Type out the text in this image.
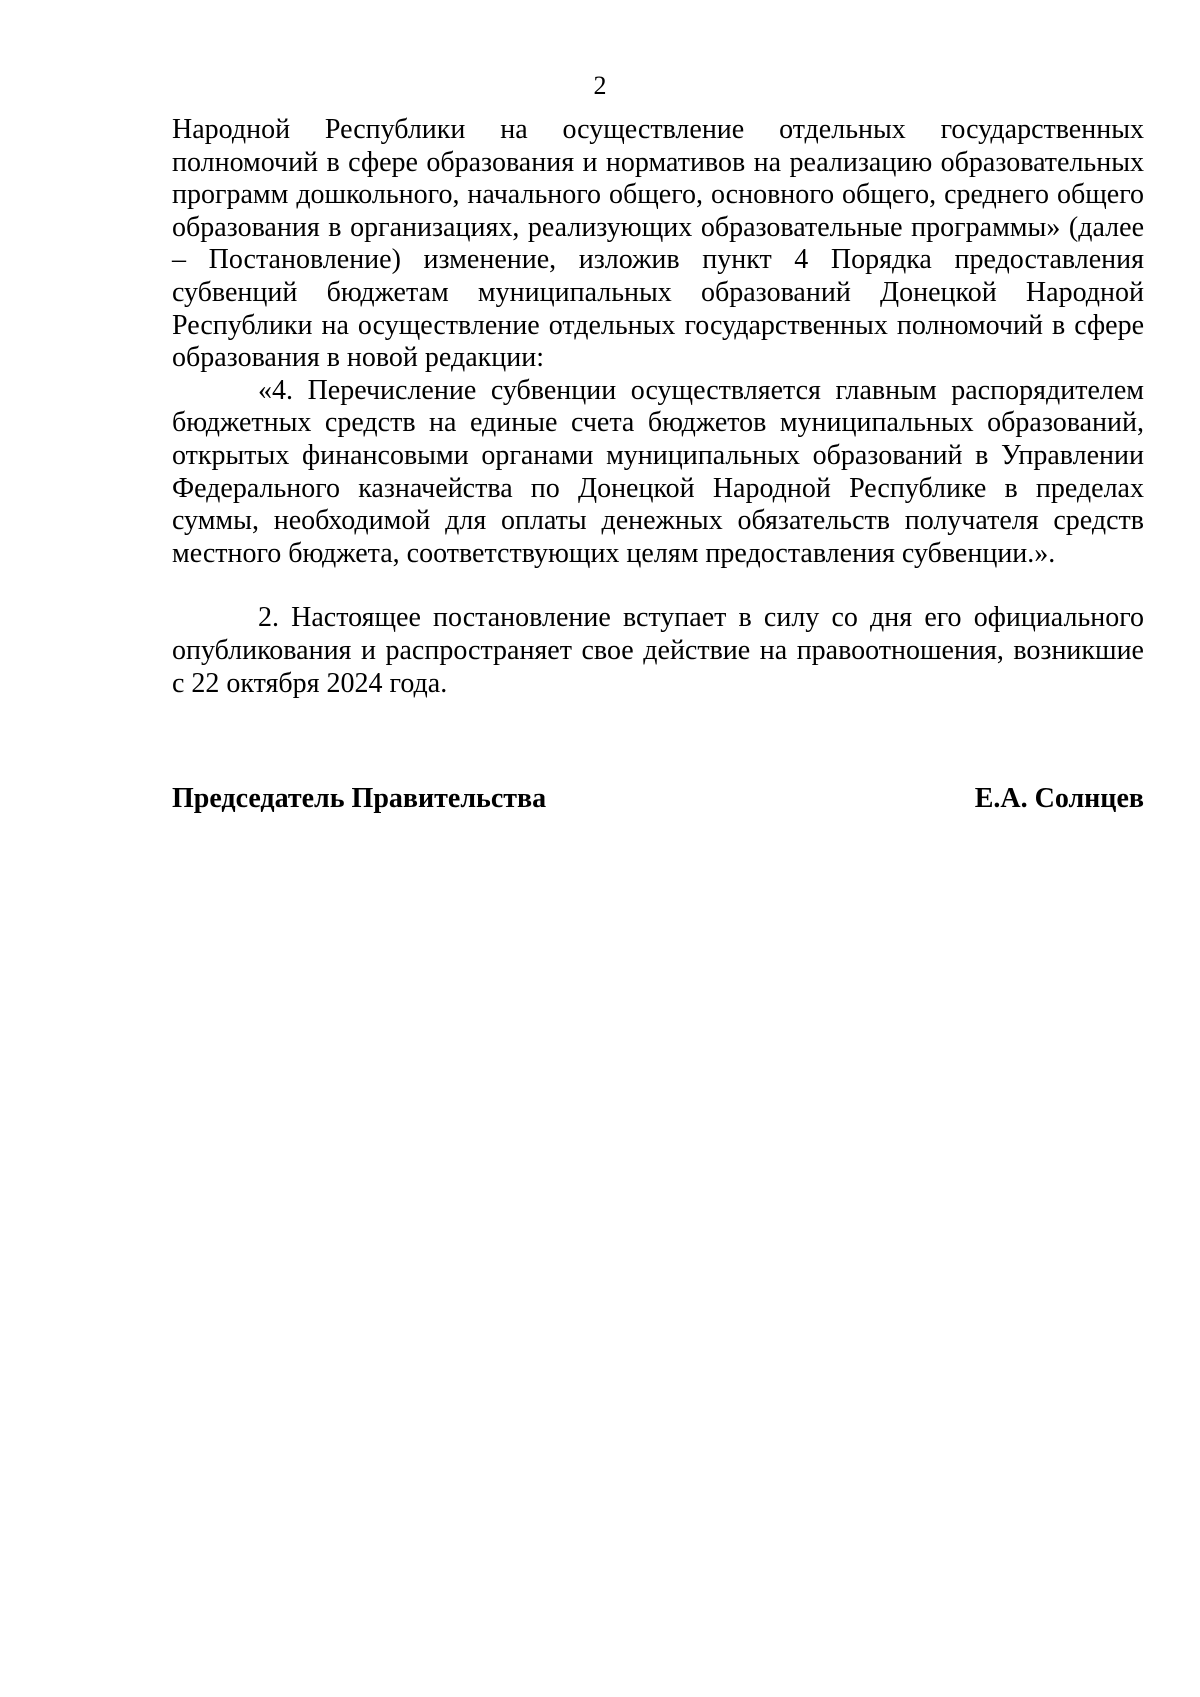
2

Народной Республики на осуществление отдельных государственных полномочий в сфере образования и нормативов на реализацию образовательных программ дошкольного, начального общего, основного общего, среднего общего образования в организациях, реализующих образовательные программы» (далее – Постановление) изменение, изложив пункт 4 Порядка предоставления субвенций бюджетам муниципальных образований Донецкой Народной Республики на осуществление отдельных государственных полномочий в сфере образования в новой редакции:

«4. Перечисление субвенции осуществляется главным распорядителем бюджетных средств на единые счета бюджетов муниципальных образований, открытых финансовыми органами муниципальных образований в Управлении Федерального казначейства по Донецкой Народной Республике в пределах суммы, необходимой для оплаты денежных обязательств получателя средств местного бюджета, соответствующих целям предоставления субвенции.».

2. Настоящее постановление вступает в силу со дня его официального опубликования и распространяет свое действие на правоотношения, возникшие с 22 октября 2024 года.

Председатель Правительства	Е.А. Солнцев
